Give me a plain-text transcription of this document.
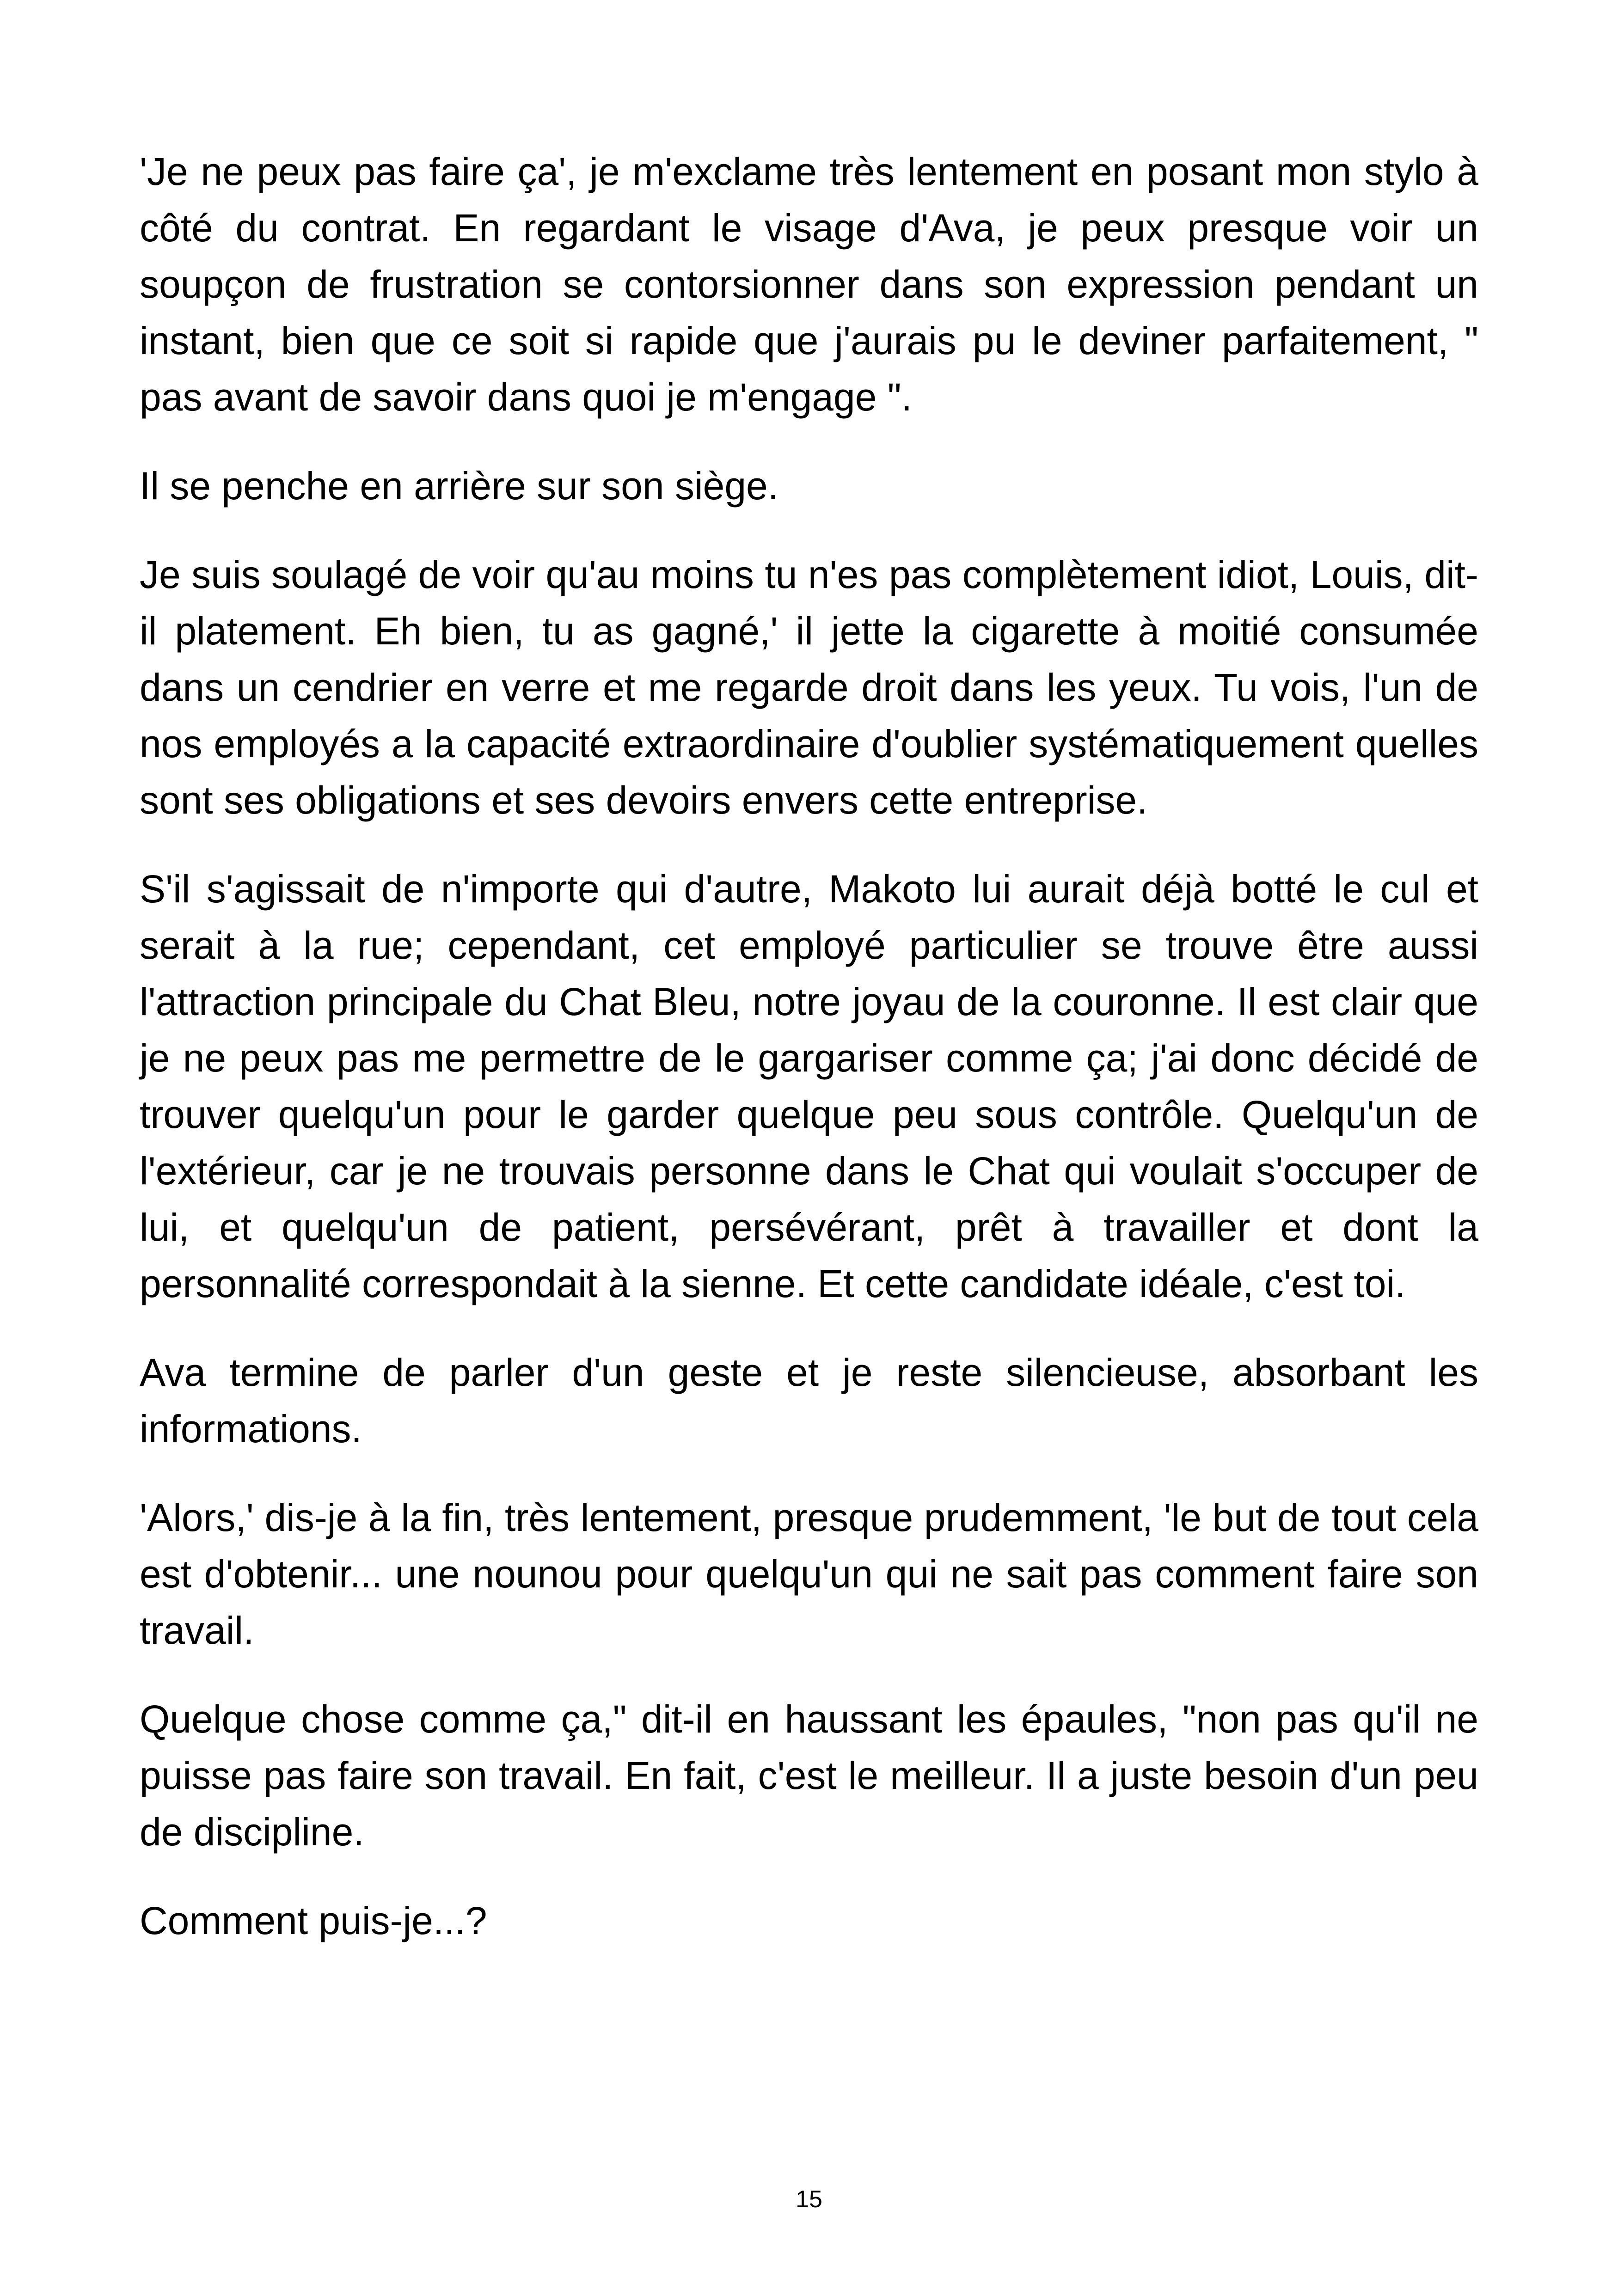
'Je ne peux pas faire ça', je m'exclame très lentement en posant mon stylo à côté du contrat. En regardant le visage d'Ava, je peux presque voir un soupçon de frustration se contorsionner dans son expression pendant un instant, bien que ce soit si rapide que j'aurais pu le deviner parfaitement, " pas avant de savoir dans quoi je m'engage ".

Il se penche en arrière sur son siège.

Je suis soulagé de voir qu'au moins tu n'es pas complètement idiot, Louis, dit-il platement. Eh bien, tu as gagné,' il jette la cigarette à moitié consumée dans un cendrier en verre et me regarde droit dans les yeux. Tu vois, l'un de nos employés a la capacité extraordinaire d'oublier systématiquement quelles sont ses obligations et ses devoirs envers cette entreprise.

S'il s'agissait de n'importe qui d'autre, Makoto lui aurait déjà botté le cul et serait à la rue; cependant, cet employé particulier se trouve être aussi l'attraction principale du Chat Bleu, notre joyau de la couronne. Il est clair que je ne peux pas me permettre de le gargariser comme ça; j'ai donc décidé de trouver quelqu'un pour le garder quelque peu sous contrôle. Quelqu'un de l'extérieur, car je ne trouvais personne dans le Chat qui voulait s'occuper de lui, et quelqu'un de patient, persévérant, prêt à travailler et dont la personnalité correspondait à la sienne. Et cette candidate idéale, c'est toi.

Ava termine de parler d'un geste et je reste silencieuse, absorbant les informations.

'Alors,' dis-je à la fin, très lentement, presque prudemment, 'le but de tout cela est d'obtenir... une nounou pour quelqu'un qui ne sait pas comment faire son travail.

Quelque chose comme ça," dit-il en haussant les épaules, "non pas qu'il ne puisse pas faire son travail. En fait, c'est le meilleur. Il a juste besoin d'un peu de discipline.

Comment puis-je...?

15
